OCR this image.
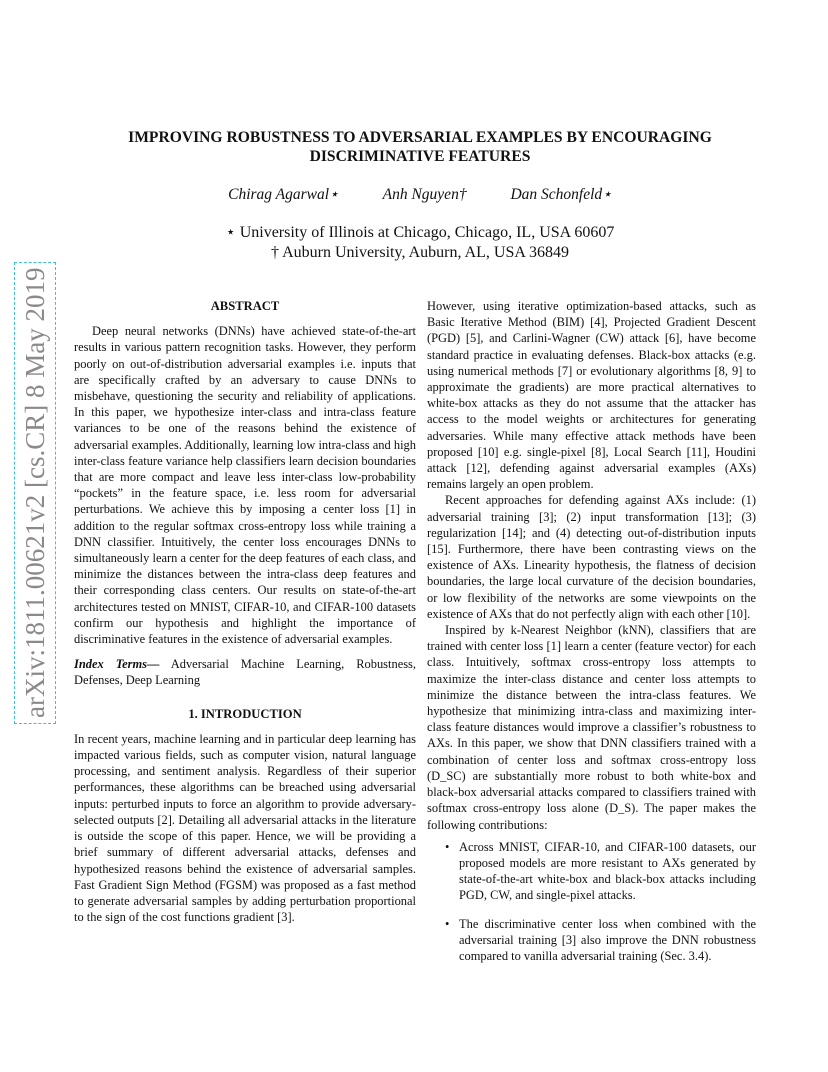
arXiv:1811.00621v2 [cs.CR] 8 May 2019
IMPROVING ROBUSTNESS TO ADVERSARIAL EXAMPLES BY ENCOURAGING DISCRIMINATIVE FEATURES
Chirag Agarwal⋆	Anh Nguyen†	Dan Schonfeld⋆
⋆ University of Illinois at Chicago, Chicago, IL, USA 60607
† Auburn University, Auburn, AL, USA 36849
ABSTRACT

Deep neural networks (DNNs) have achieved state-of-the-art results in various pattern recognition tasks. However, they perform poorly on out-of-distribution adversarial examples i.e. inputs that are specifically crafted by an adversary to cause DNNs to misbehave, questioning the security and reliability of applications. In this paper, we hypothesize inter-class and intra-class feature variances to be one of the reasons behind the existence of adversarial examples. Additionally, learning low intra-class and high inter-class feature variance help classifiers learn decision boundaries that are more compact and leave less inter-class low-probability “pockets” in the feature space, i.e. less room for adversarial perturbations. We achieve this by imposing a center loss [1] in addition to the regular softmax cross-entropy loss while training a DNN classifier. Intuitively, the center loss encourages DNNs to simultaneously learn a center for the deep features of each class, and minimize the distances between the intra-class deep features and their corresponding class centers. Our results on state-of-the-art architectures tested on MNIST, CIFAR-10, and CIFAR-100 datasets confirm our hypothesis and highlight the importance of discriminative features in the existence of adversarial examples.

Index Terms— Adversarial Machine Learning, Robustness, Defenses, Deep Learning

1. INTRODUCTION

In recent years, machine learning and in particular deep learning has impacted various fields, such as computer vision, natural language processing, and sentiment analysis. Regardless of their superior performances, these algorithms can be breached using adversarial inputs: perturbed inputs to force an algorithm to provide adversary-selected outputs [2]. Detailing all adversarial attacks in the literature is outside the scope of this paper. Hence, we will be providing a brief summary of different adversarial attacks, defenses and hypothesized reasons behind the existence of adversarial samples. Fast Gradient Sign Method (FGSM) was proposed as a fast method to generate adversarial samples by adding perturbation proportional to the sign of the cost functions gradient [3].

However, using iterative optimization-based attacks, such as Basic Iterative Method (BIM) [4], Projected Gradient Descent (PGD) [5], and Carlini-Wagner (CW) attack [6], have become standard practice in evaluating defenses. Black-box attacks (e.g. using numerical methods [7] or evolutionary algorithms [8, 9] to approximate the gradients) are more practical alternatives to white-box attacks as they do not assume that the attacker has access to the model weights or architectures for generating adversaries. While many effective attack methods have been proposed [10] e.g. single-pixel [8], Local Search [11], Houdini attack [12], defending against adversarial examples (AXs) remains largely an open problem.

Recent approaches for defending against AXs include: (1) adversarial training [3]; (2) input transformation [13]; (3) regularization [14]; and (4) detecting out-of-distribution inputs [15]. Furthermore, there have been contrasting views on the existence of AXs. Linearity hypothesis, the flatness of decision boundaries, the large local curvature of the decision boundaries, or low flexibility of the networks are some viewpoints on the existence of AXs that do not perfectly align with each other [10].

Inspired by k-Nearest Neighbor (kNN), classifiers that are trained with center loss [1] learn a center (feature vector) for each class. Intuitively, softmax cross-entropy loss attempts to maximize the inter-class distance and center loss attempts to minimize the distance between the intra-class features. We hypothesize that minimizing intra-class and maximizing inter-class feature distances would improve a classifier’s robustness to AXs. In this paper, we show that DNN classifiers trained with a combination of center loss and softmax cross-entropy loss (D_SC) are substantially more robust to both white-box and black-box adversarial attacks compared to classifiers trained with softmax cross-entropy loss alone (D_S). The paper makes the following contributions:

• Across MNIST, CIFAR-10, and CIFAR-100 datasets, our proposed models are more resistant to AXs generated by state-of-the-art white-box and black-box attacks including PGD, CW, and single-pixel attacks.
• The discriminative center loss when combined with the adversarial training [3] also improve the DNN robustness compared to vanilla adversarial training (Sec. 3.4).
